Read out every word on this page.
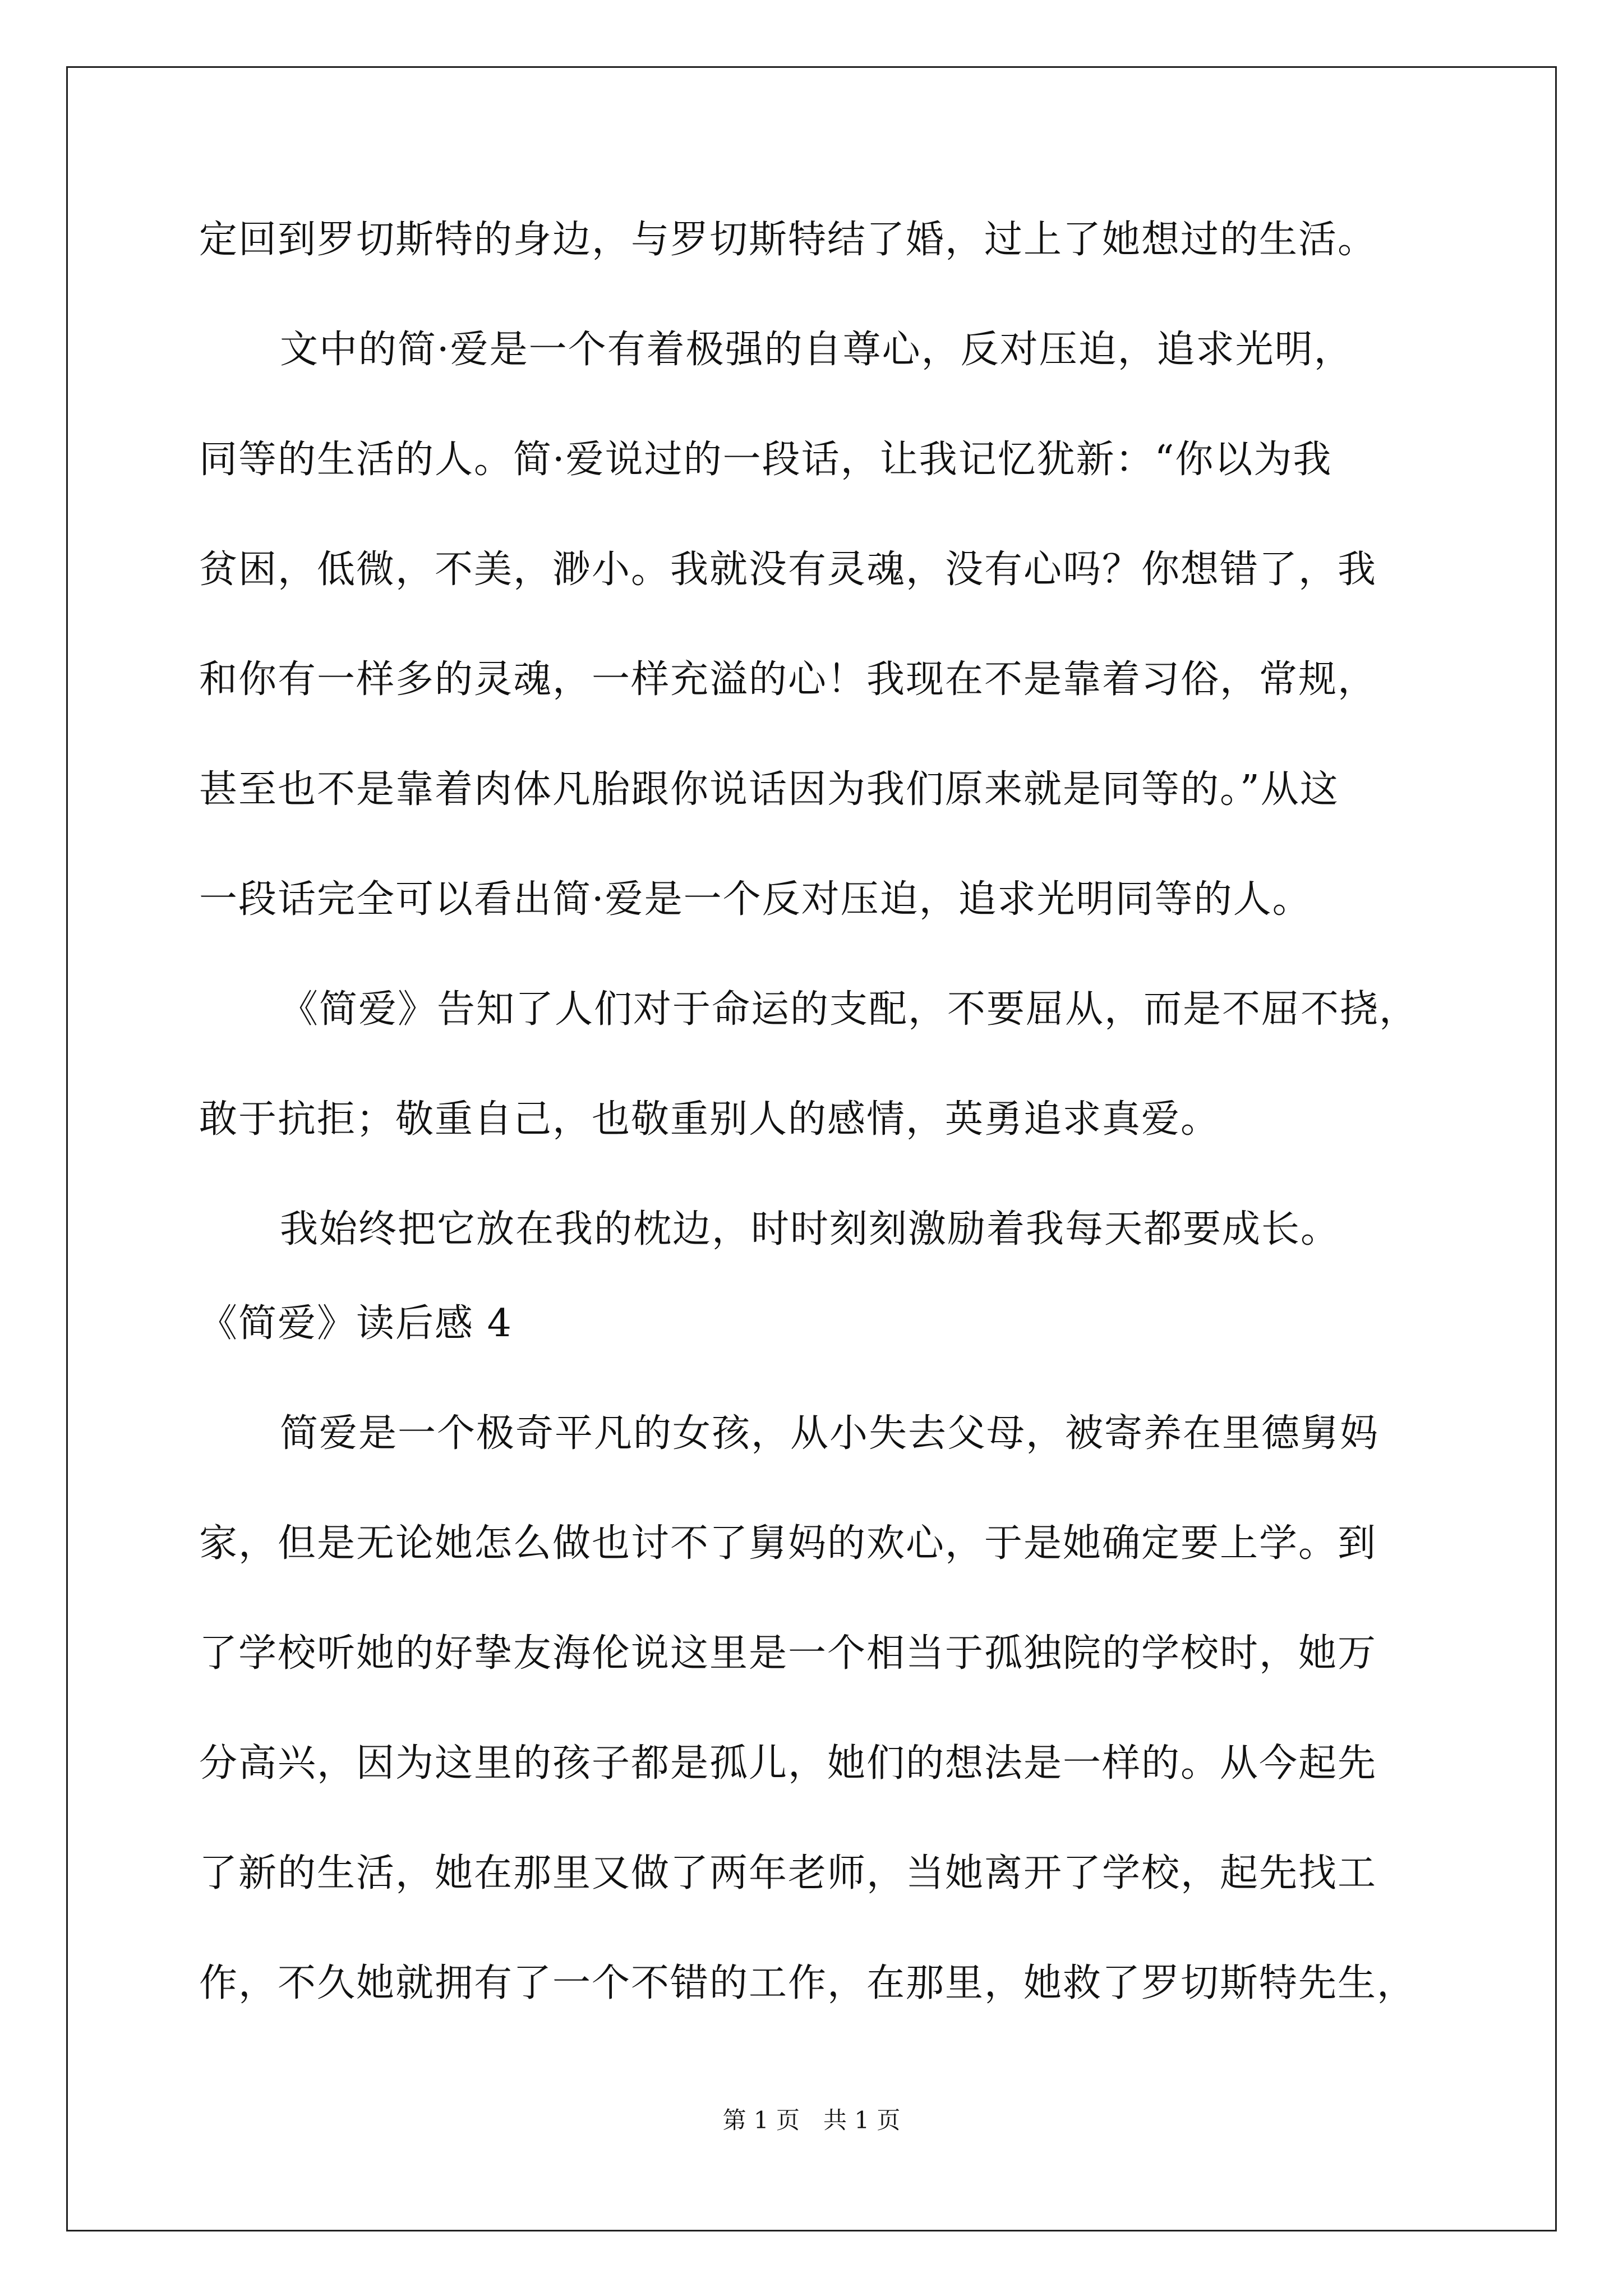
定回到罗切斯特的身边，与罗切斯特结了婚，过上了她想过的生活。
文中的简·爱是一个有着极强的自尊心，反对压迫，追求光明，
同等的生活的人。简·爱说过的一段话，让我记忆犹新：“你以为我
贫困，低微，不美，渺小。我就没有灵魂，没有心吗？你想错了，我
和你有一样多的灵魂，一样充溢的心！我现在不是靠着习俗，常规，
甚至也不是靠着肉体凡胎跟你说话因为我们原来就是同等的。”从这
一段话完全可以看出简·爱是一个反对压迫，追求光明同等的人。
《简爱》告知了人们对于命运的支配，不要屈从，而是不屈不挠，
敢于抗拒；敬重自己，也敬重别人的感情，英勇追求真爱。
我始终把它放在我的枕边，时时刻刻激励着我每天都要成长。
《简爱》读后感 4
简爱是一个极奇平凡的女孩，从小失去父母，被寄养在里德舅妈
家，但是无论她怎么做也讨不了舅妈的欢心，于是她确定要上学。到
了学校听她的好挚友海伦说这里是一个相当于孤独院的学校时，她万
分高兴，因为这里的孩子都是孤儿，她们的想法是一样的。从今起先
了新的生活，她在那里又做了两年老师，当她离开了学校，起先找工
作，不久她就拥有了一个不错的工作，在那里，她救了罗切斯特先生，
第 1 页　共 1 页
